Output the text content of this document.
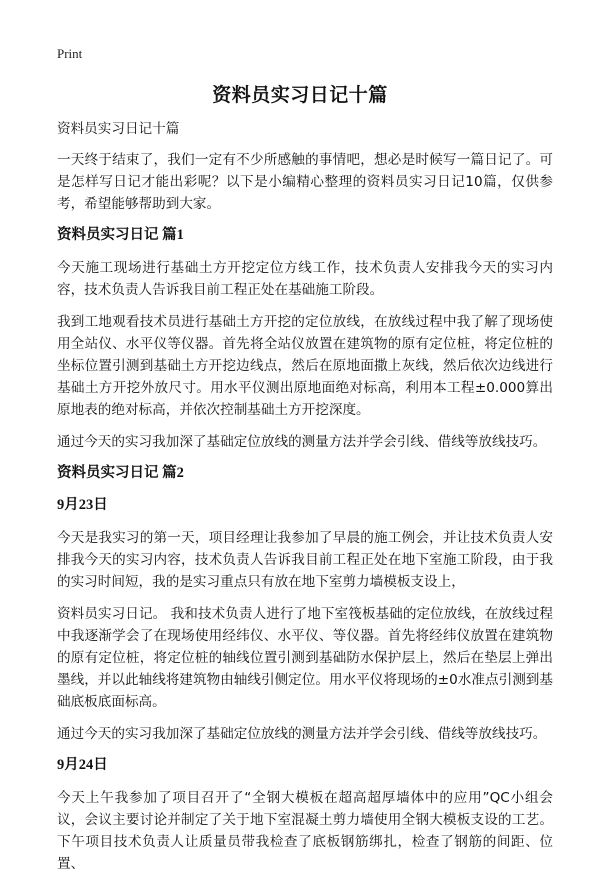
Print
资料员实习日记十篇

资料员实习日记十篇

一天终于结束了，我们一定有不少所感触的事情吧，想必是时候写一篇日记了。可是怎样写日记才能出彩呢？以下是小编精心整理的资料员实习日记10篇，仅供参考，希望能够帮助到大家。

资料员实习日记 篇1

今天施工现场进行基础土方开挖定位方线工作，技术负责人安排我今天的实习内容，技术负责人告诉我目前工程正处在基础施工阶段。

我到工地观看技术员进行基础土方开挖的定位放线，在放线过程中我了解了现场使用全站仪、水平仪等仪器。首先将全站仪放置在建筑物的原有定位桩，将定位桩的坐标位置引测到基础土方开挖边线点，然后在原地面撒上灰线，然后依次边线进行基础土方开挖外放尺寸。用水平仪测出原地面绝对标高，利用本工程±0.000算出原地表的绝对标高，并依次控制基础土方开挖深度。

通过今天的实习我加深了基础定位放线的测量方法并学会引线、借线等放线技巧。

资料员实习日记 篇2
9月23日

今天是我实习的第一天，项目经理让我参加了早晨的施工例会，并让技术负责人安排我今天的实习内容，技术负责人告诉我目前工程正处在地下室施工阶段，由于我的实习时间短，我的是实习重点只有放在地下室剪力墙模板支设上，

资料员实习日记。 我和技术负责人进行了地下室筏板基础的定位放线，在放线过程中我逐渐学会了在现场使用经纬仪、水平仪、等仪器。首先将经纬仪放置在建筑物的原有定位桩，将定位桩的轴线位置引测到基础防水保护层上，然后在垫层上弹出墨线，并以此轴线将建筑物由轴线引侧定位。用水平仪将现场的±0水准点引测到基础底板底面标高。

通过今天的实习我加深了基础定位放线的测量方法并学会引线、借线等放线技巧。

9月24日

今天上午我参加了项目召开了“全钢大模板在超高超厚墙体中的应用”QC小组会议，会议主要讨论并制定了关于地下室混凝土剪力墙使用全钢大模板支设的工艺。下午项目技术负责人让质量员带我检查了底板钢筋绑扎，检查了钢筋的间距、位置、
